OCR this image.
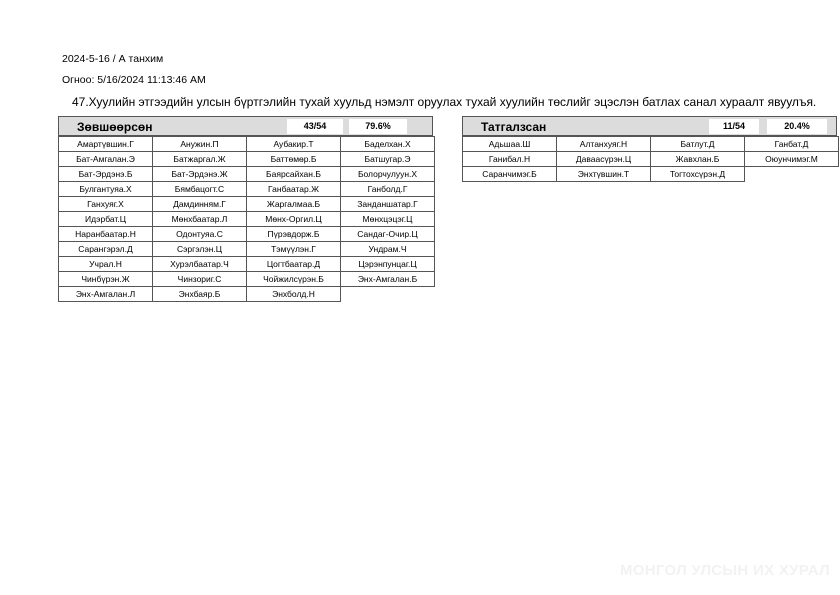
2024-5-16 / А танхим
Огноо: 5/16/2024 11:13:46 AM
47.Хуулийн этгээдийн улсын бүртгэлийн тухай хуульд нэмэлт оруулах тухай хуулийн төслийг эцэслэн батлах санал хураалт явуулъя.
Зөвшөөрсөн	43/54	79.6%
Амартүвшин.Г	Анужин.П	Аубакир.Т	Баделхан.Х
Бат-Амгалан.Э	Батжаргал.Ж	Баттөмөр.Б	Батшугар.Э
Бат-Эрдэнэ.Б	Бат-Эрдэнэ.Ж	Баярсайхан.Б	Болорчулуун.Х
Булгантуяа.Х	Бямбацогт.С	Ганбаатар.Ж	Ганболд.Г
Ганхуяг.Х	Дамдинням.Г	Жаргалмаа.Б	Занданшатар.Г
Идэрбат.Ц	Мөнхбаатар.Л	Мөнх-Оргил.Ц	Мөнхцэцэг.Ц
Наранбаатар.Н	Одонтуяа.С	Пүрэвдорж.Б	Сандаг-Очир.Ц
Сарангэрэл.Д	Сэргэлэн.Ц	Тэмүүлэн.Г	Ундрам.Ч
Учрал.Н	Хурэлбаатар.Ч	Цогтбаатар.Д	Цэрэнпунцаг.Ц
Чинбүрэн.Ж	Чинзориг.С	Чойжилсүрэн.Б	Энх-Амгалан.Б
Энх-Амгалан.Л	Энхбаяр.Б	Энхболд.Н
Татгалзсан	11/54	20.4%
Адьшаа.Ш	Алтанхуяг.Н	Батлут.Д	Ганбат.Д
Ганибал.Н	Даваасүрэн.Ц	Жавхлан.Б	Оюунчимэг.М
Саранчимэг.Б	Энхтүвшин.Т	Тогтохсүрэн.Д
МОНГОЛ УЛСЫН ИХ ХУРАЛ
